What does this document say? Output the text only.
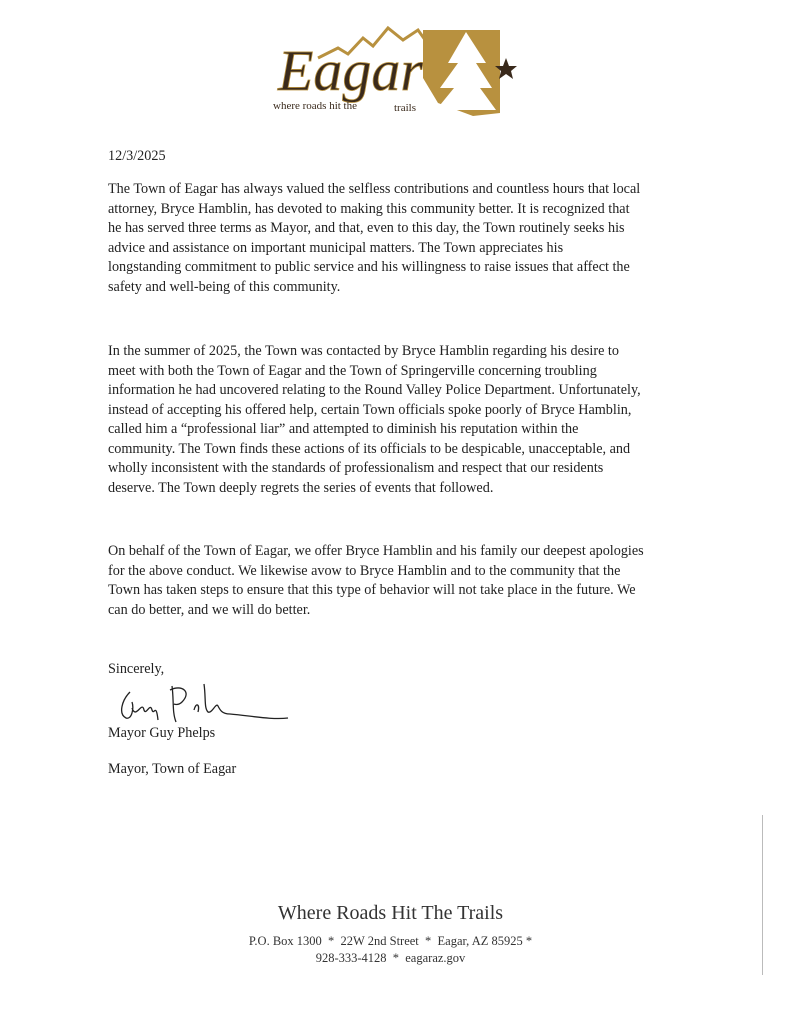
Eagar
where roads hit the	trails
12/3/2025
The Town of Eagar has always valued the selfless contributions and countless hours that local
attorney, Bryce Hamblin, has devoted to making this community better. It is recognized that
he has served three terms as Mayor, and that, even to this day, the Town routinely seeks his
advice and assistance on important municipal matters. The Town appreciates his
longstanding commitment to public service and his willingness to raise issues that affect the
safety and well-being of this community.
In the summer of 2025, the Town was contacted by Bryce Hamblin regarding his desire to
meet with both the Town of Eagar and the Town of Springerville concerning troubling
information he had uncovered relating to the Round Valley Police Department. Unfortunately,
instead of accepting his offered help, certain Town officials spoke poorly of Bryce Hamblin,
called him a “professional liar” and attempted to diminish his reputation within the
community. The Town finds these actions of its officials to be despicable, unacceptable, and
wholly inconsistent with the standards of professionalism and respect that our residents
deserve. The Town deeply regrets the series of events that followed.
On behalf of the Town of Eagar, we offer Bryce Hamblin and his family our deepest apologies
for the above conduct. We likewise avow to Bryce Hamblin and to the community that the
Town has taken steps to ensure that this type of behavior will not take place in the future. We
can do better, and we will do better.
Sincerely,
Mayor Guy Phelps
Mayor, Town of Eagar
Where Roads Hit The Trails
P.O. Box 1300  *  22W 2nd Street  *  Eagar, AZ 85925 *
928-333-4128  *  eagaraz.gov
